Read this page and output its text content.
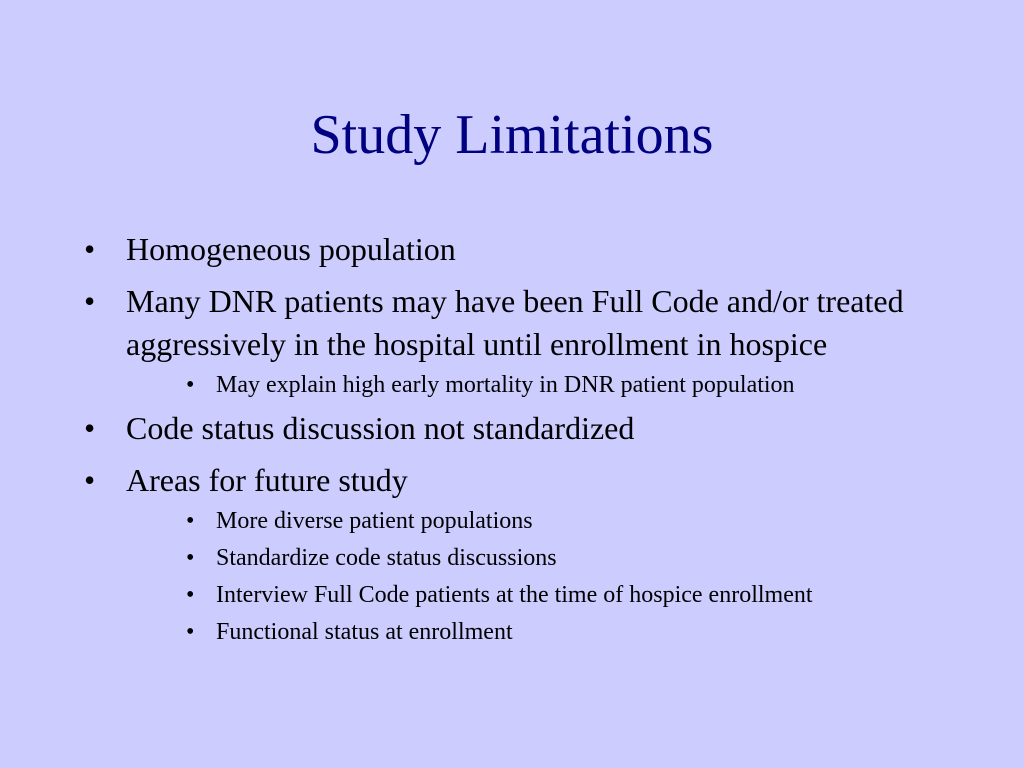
Study Limitations
• Homogeneous population
• Many DNR patients may have been Full Code and/or treated aggressively in the hospital until enrollment in hospice
• May explain high early mortality in DNR patient population
• Code status discussion not standardized
• Areas for future study
• More diverse patient populations
• Standardize code status discussions
• Interview Full Code patients at the time of hospice enrollment
• Functional status at enrollment
